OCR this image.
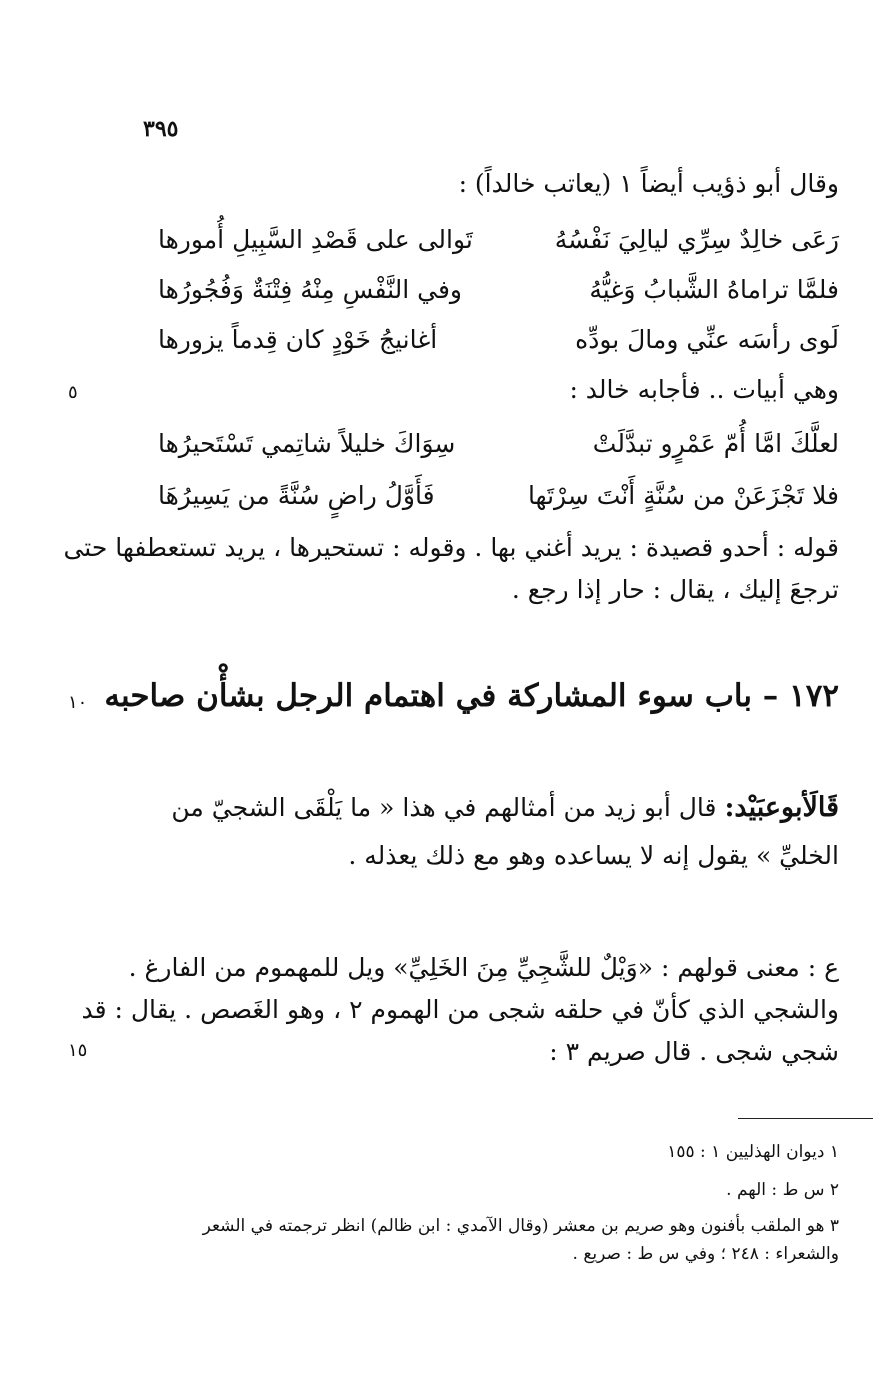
٣٩٥
وقال أبو ذؤيب أيضاً ١ (يعاتب خالداً) :
رَعَى خالِدٌ سِرِّي ليالِيَ نَفْسُهُ
تَوالى على قَصْدِ السَّبِيلِ أُمورها
فلمَّا تراماهُ الشَّبابُ وَغيُّهُ
وفي النَّفْسِ مِنْهُ فِتْنَةٌ وَفُجُورُها
لَوى رأسَه عنِّي ومالَ بودِّه
أغانيجُ خَوْدٍ كان قِدماً يزورها
وهي أبيات .. فأجابه خالد :
٥
لعلَّكَ امَّا أُمّ عَمْرٍو تبدَّلَتْ
سِوَاكَ خليلاً شاتِمي تَسْتَحيرُها
فلا تَجْزَعَنْ من سُنَّةٍ أَنْتَ سِرْتَها
فَأَوَّلُ راضٍ سُنَّةً من يَسِيرُهَا
قوله : أحدو قصيدة : يريد أغني بها . وقوله : تستحيرها ، يريد تستعطفها حتى
ترجعَ إليك ، يقال : حار إذا رجع .
١٧٢ – باب سوء المشاركة في اهتمام الرجل بشأْن صاحبه
١٠
قَالَأبوعبَيْد: قال أبو زيد من أمثالهم في هذا « ما يَلْقَى الشجيّ من
الخليِّ » يقول إنه لا يساعده وهو مع ذلك يعذله .
ع : معنى قولهم : «وَيْلٌ للشَّجِيِّ مِنَ الخَلِيِّ» ويل للمهموم من الفارغ .
والشجي الذي كأنّ في حلقه شجى من الهموم ٢ ، وهو الغَصص . يقال : قد
شجي شجى . قال صريم ٣ :
١٥
١ ديوان الهذليين ١ : ١٥٥
٢ س ط : الهم .
٣ هو الملقب بأفنون وهو صريم بن معشر (وقال الآمدي : ابن ظالم) انظر ترجمته في الشعر
والشعراء : ٢٤٨ ؛ وفي س ط : صريع .
